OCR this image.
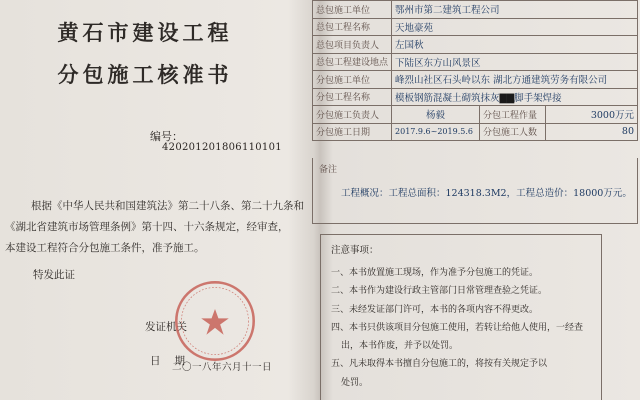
黄石市建设工程
分包施工核准书
编号：
4202012018061​10101

根据《中华人民共和国建筑法》第二十八条、第二十九条和

《湖北省建筑市场管理条例》第十四、十六条规定，经审查，

本建设工程符合分包施工条件，准予施工。

特发此证
发证机关
日期
二〇一八年六月十一日
总包施工单位	鄂州市第二建筑工程公司		
总包工程名称	天地豪苑		
总包项目负责人	左国秋		
总包工程建设地点	下陆区东方山风景区		
分包施工单位	峰烈山社区石头岭以东 湖北方通建筑劳务有限公司		
分包工程名称	模板钢筋混凝土砌筑抹灰▇▇脚手架焊接		
分包施工负责人	杨毅	分包工程作量	3000万元
分包施工日期	2017.9.6~2019.5.6	分包施工人数	80
备注
工程概况：工程总面积：124318.3M2，工程总造价：18000万元。
注意事项：
一、本书放置施工现场，作为准予分包施工的凭证。
二、本书作为建设行政主管部门日常管理查验之凭证。
三、未经发证部门许可，本书的各项内容不得更改。
四、本书只供该项目分包施工使用，若转让给他人使用，一经查
出，本书作废，并予以处罚。
五、凡未取得本书擅自分包施工的，将按有关规定予以
处罚。
